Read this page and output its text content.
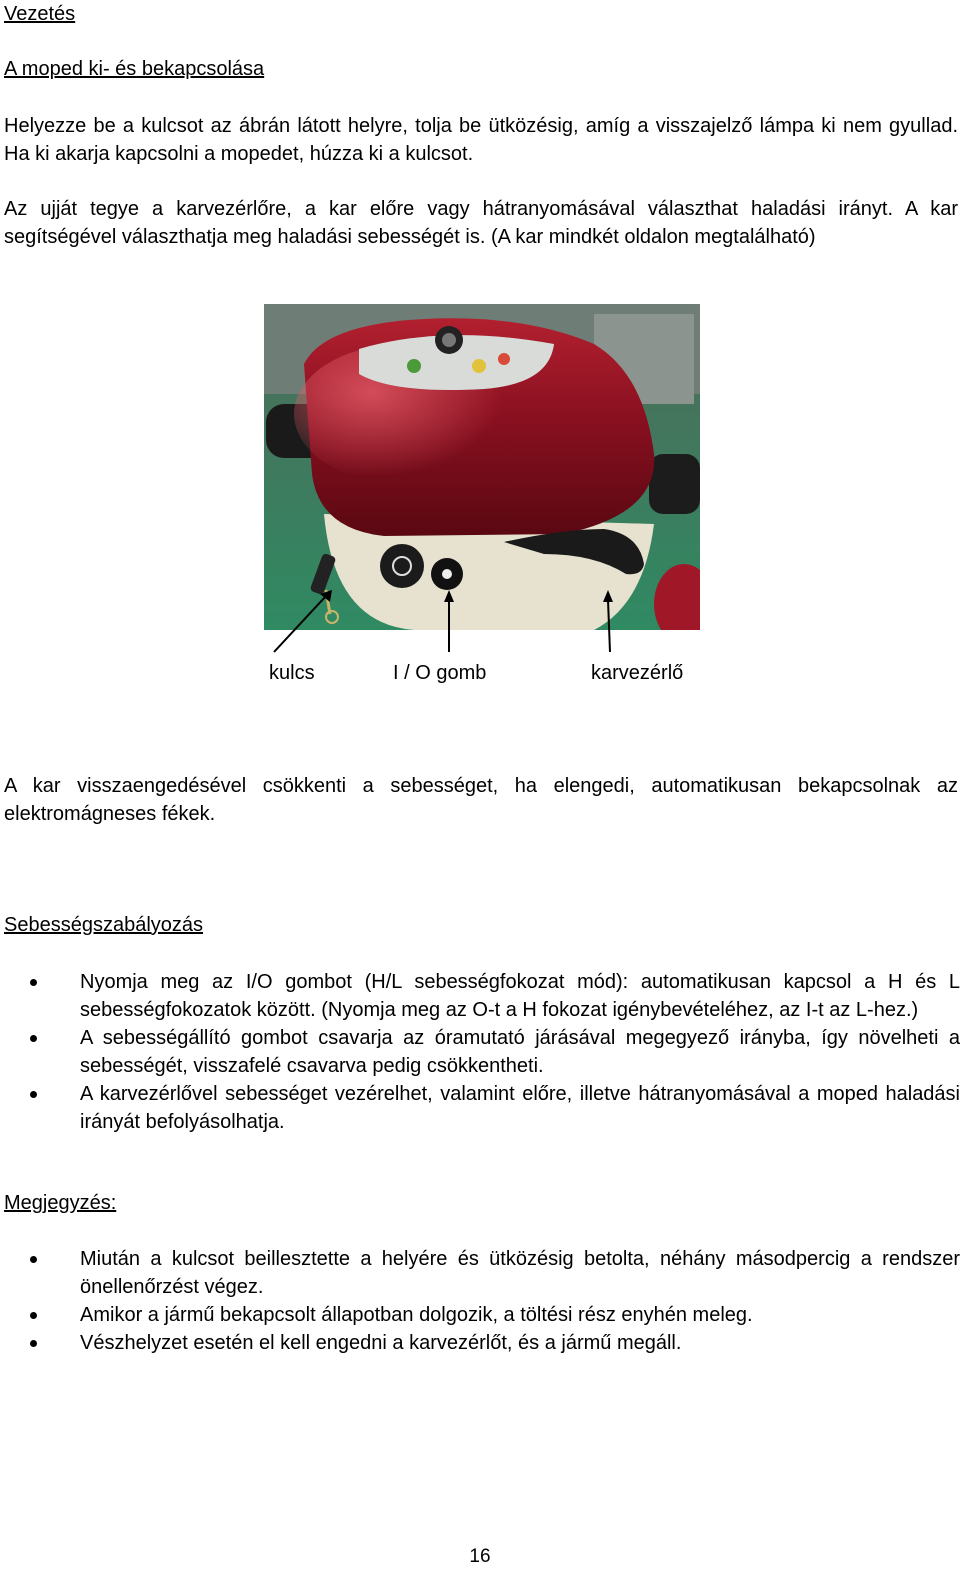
Vezetés
A moped ki- és bekapcsolása
Helyezze be a kulcsot az ábrán látott helyre, tolja be ütközésig, amíg a visszajelző lámpa ki nem gyullad. Ha ki akarja kapcsolni a mopedet, húzza ki a kulcsot.
Az ujját tegye a karvezérlőre, a kar előre vagy hátranyomásával választhat haladási irányt. A kar segítségével választhatja meg haladási sebességét is. (A kar mindkét oldalon megtalálható)
kulcs	I / O gomb	karvezérlő
A kar visszaengedésével csökkenti a sebességet, ha elengedi, automatikusan bekapcsolnak az elektromágneses fékek.
Sebességszabályozás
Nyomja meg az I/O gombot (H/L sebességfokozat mód): automatikusan kapcsol a H és L sebességfokozatok között. (Nyomja meg az O-t a H fokozat igénybevételéhez, az I-t az L-hez.)
A sebességállító gombot csavarja az óramutató járásával megegyező irányba, így növelheti a sebességét, visszafelé csavarva pedig csökkentheti.
A karvezérlővel sebességet vezérelhet, valamint előre, illetve hátranyomásával a moped haladási irányát befolyásolhatja.
Megjegyzés:
Miután a kulcsot beillesztette a helyére és ütközésig betolta, néhány másodpercig a rendszer önellenőrzést végez.
Amikor a jármű bekapcsolt állapotban dolgozik, a töltési rész enyhén meleg.
Vészhelyzet esetén el kell engedni a karvezérlőt, és a jármű megáll.
16
